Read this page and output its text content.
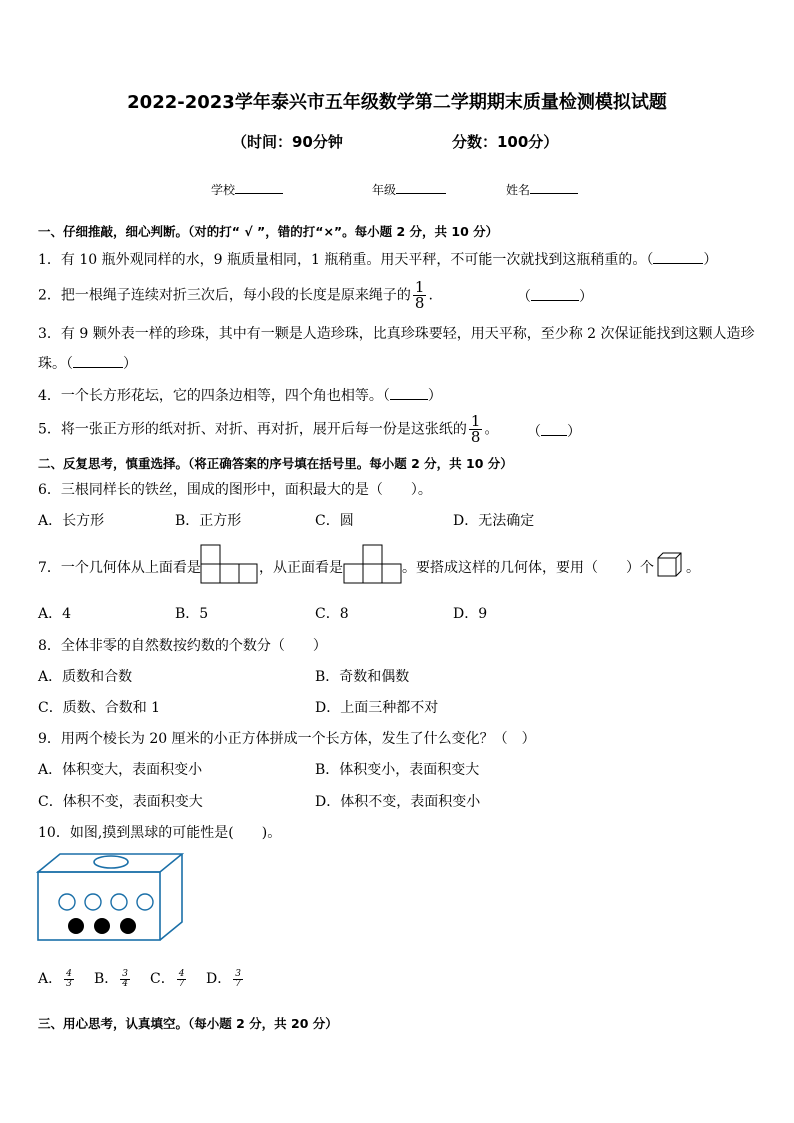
2022-2023学年泰兴市五年级数学第二学期期末质量检测模拟试题
（时间：90分钟	分数：100分）
学校	年级	姓名
一、仔细推敲，细心判断。（对的打“ √ ”，错的打“×”。每小题 2 分，共 10 分）
1．有 10 瓶外观同样的水，9 瓶质量相同，1 瓶稍重。用天平秤，不可能一次就找到这瓶稍重的。（	）
2．把一根绳子连续对折三次后，每小段的长度是原来绳子的 $\frac{1}{8}$ .	（	）
3．有 9 颗外表一样的珍珠，其中有一颗是人造珍珠，比真珍珠要轻，用天平称，至少称 2 次保证能找到这颗人造珍
珠。（	）
4．一个长方形花坛，它的四条边相等，四个角也相等。（	）
5．将一张正方形的纸对折、对折、再对折，展开后每一份是这张纸的 $\frac{1}{8}$ 。 （ ）
二、反复思考，慎重选择。（将正确答案的序号填在括号里。每小题 2 分，共 10 分）
6．三根同样长的铁丝，围成的图形中，面积最大的是（　　）。
A．长方形	B．正方形	C．圆	D．无法确定
7．一个几何体从上面看是	，从正面看是	。要搭成这样的几何体，要用（　　）个 。
A．4	B．5	C．8	D．9
8．全体非零的自然数按约数的个数分（　　）
A．质数和合数	B．奇数和偶数
C．质数、合数和 1	D．上面三种都不对
9．用两个棱长为 20 厘米的小正方体拼成一个长方体，发生了什么变化？（　）
A．体积变大，表面积变小	B．体积变小，表面积变大
C．体积不变，表面积变大	D．体积不变，表面积变小
10．如图,摸到黑球的可能性是(　　)。
A． $\frac{4}{3}$ B． $\frac{3}{4}$ C． $\frac{4}{7}$ D． $\frac{3}{7}$
三、用心思考，认真填空。（每小题 2 分，共 20 分）
